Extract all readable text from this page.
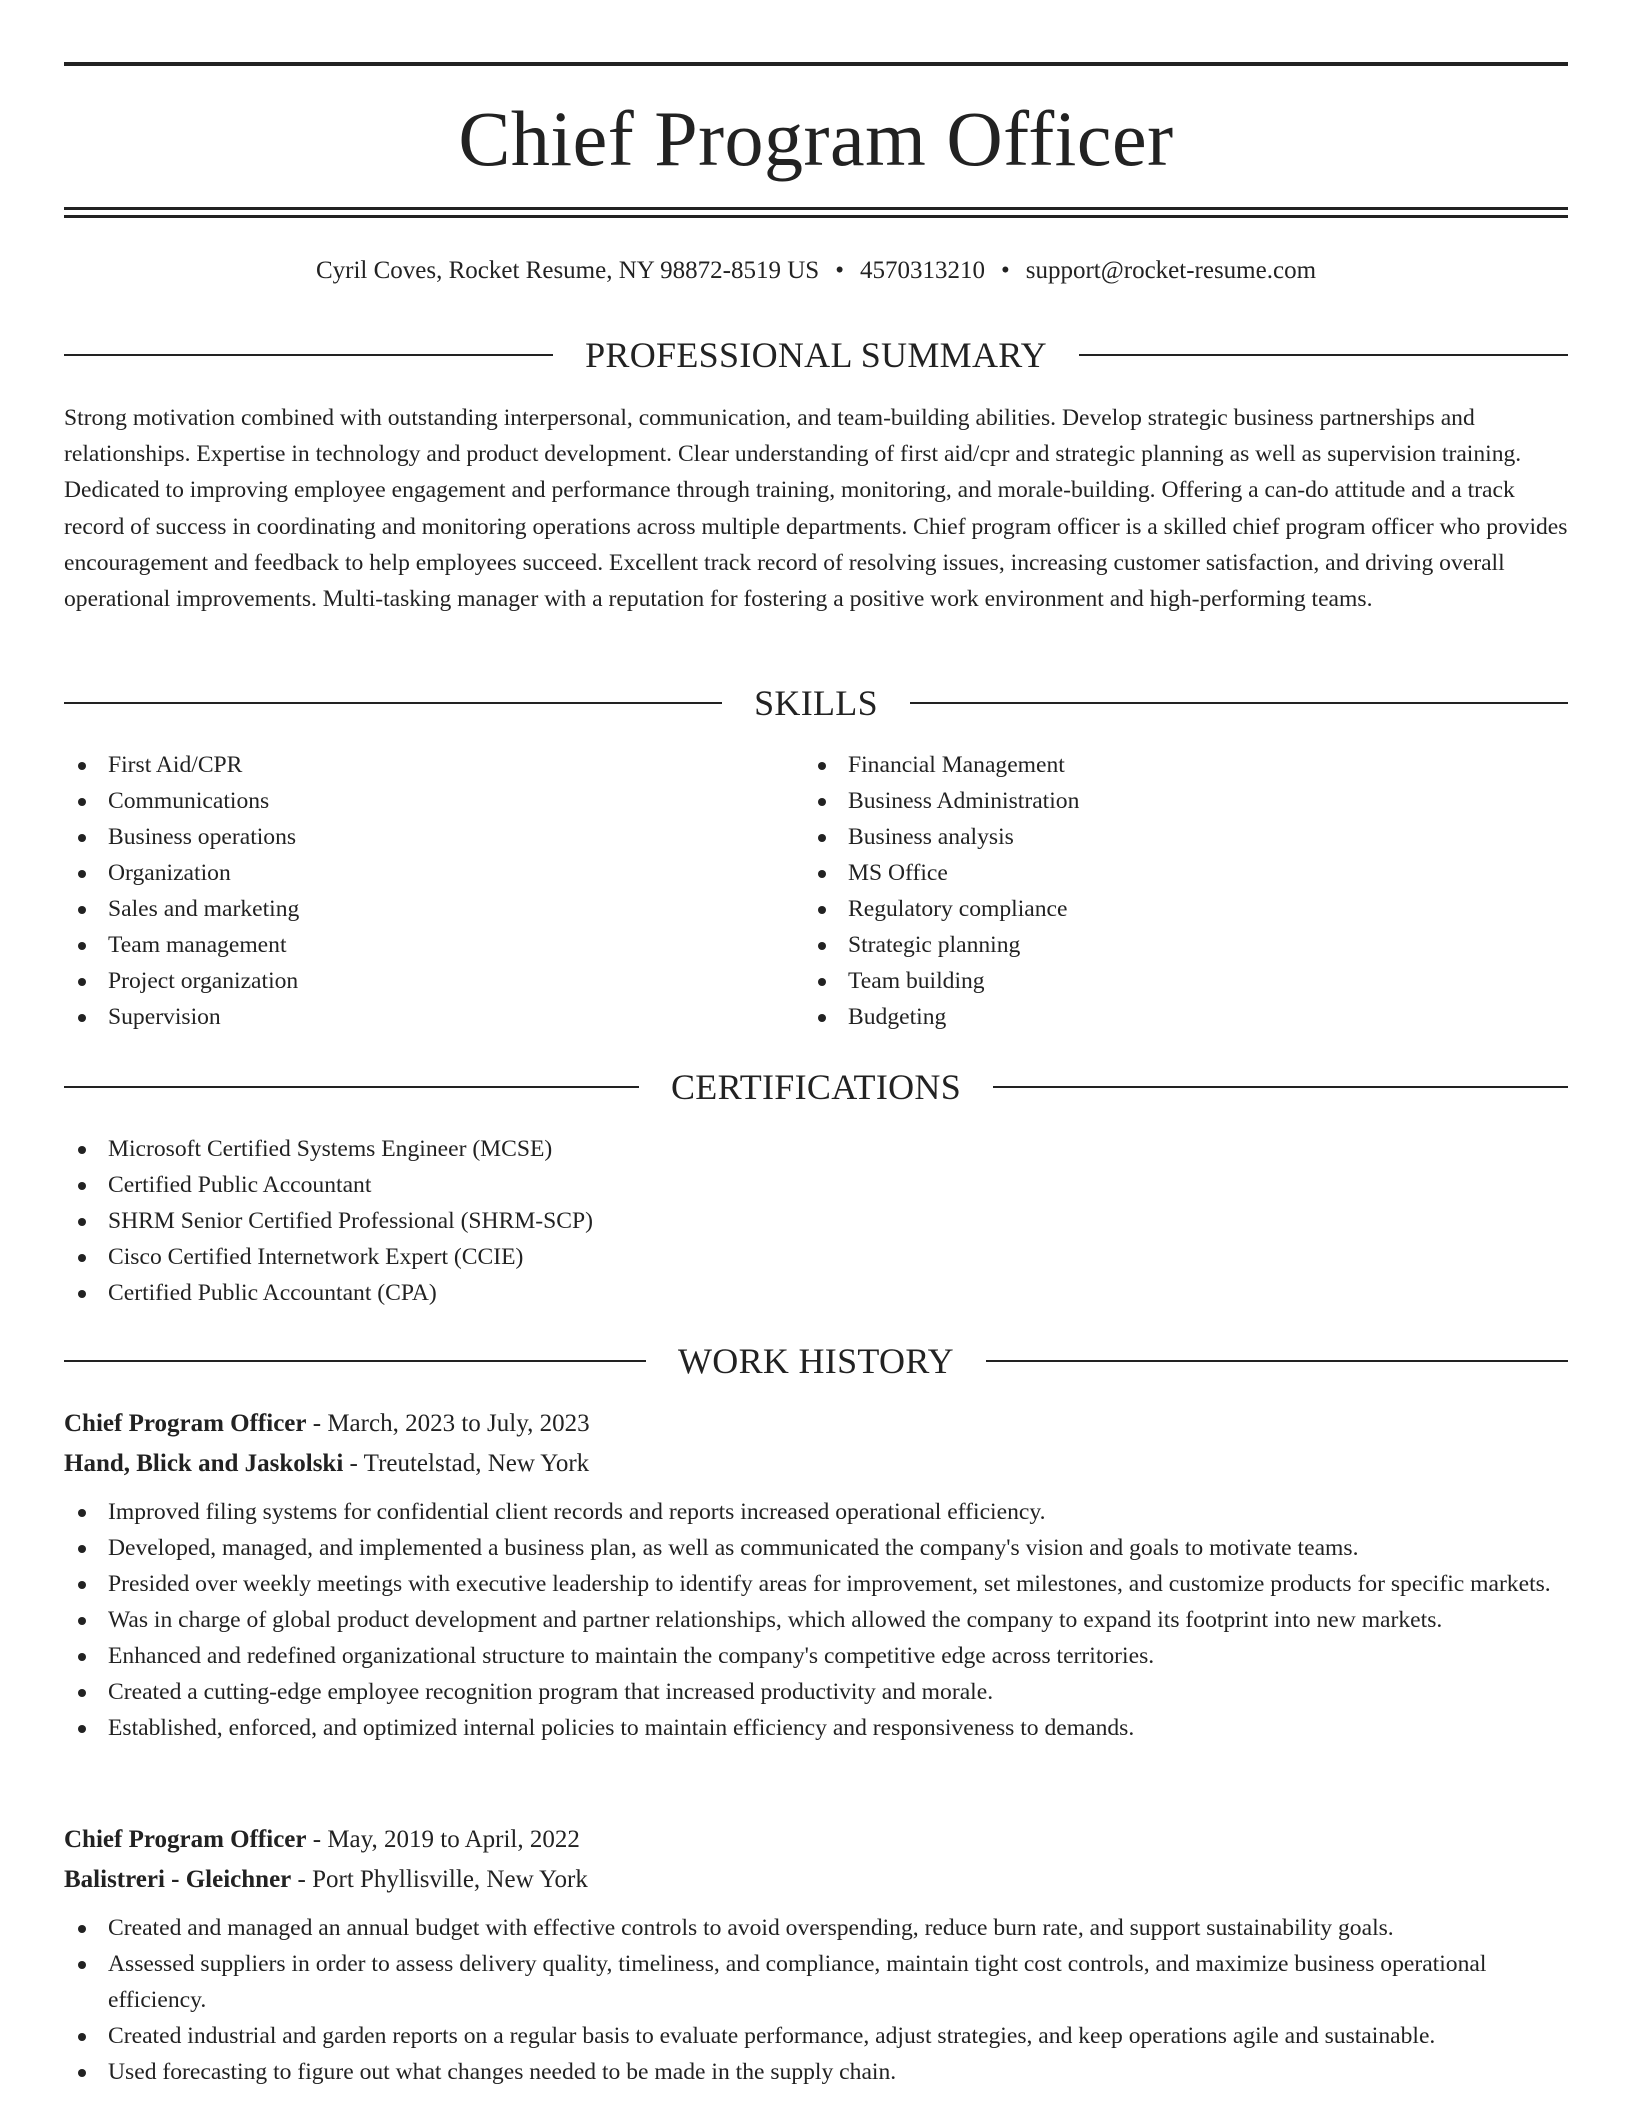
Chief Program Officer
Cyril Coves, Rocket Resume, NY 98872-8519 US • 4570313210 • support@rocket-resume.com
PROFESSIONAL SUMMARY

Strong motivation combined with outstanding interpersonal, communication, and team-building abilities. Develop strategic business partnerships and relationships. Expertise in technology and product development. Clear understanding of first aid/cpr and strategic planning as well as supervision training. Dedicated to improving employee engagement and performance through training, monitoring, and morale-building. Offering a can-do attitude and a track record of success in coordinating and monitoring operations across multiple departments. Chief program officer is a skilled chief program officer who provides encouragement and feedback to help employees succeed. Excellent track record of resolving issues, increasing customer satisfaction, and driving overall operational improvements. Multi-tasking manager with a reputation for fostering a positive work environment and high-performing teams.

SKILLS
First Aid/CPR
Communications
Business operations
Organization
Sales and marketing
Team management
Project organization
Supervision
Financial Management
Business Administration
Business analysis
MS Office
Regulatory compliance
Strategic planning
Team building
Budgeting
CERTIFICATIONS
Microsoft Certified Systems Engineer (MCSE)
Certified Public Accountant
SHRM Senior Certified Professional (SHRM-SCP)
Cisco Certified Internetwork Expert (CCIE)
Certified Public Accountant (CPA)
WORK HISTORY
Chief Program Officer - March, 2023 to July, 2023
Hand, Blick and Jaskolski - Treutelstad, New York
Improved filing systems for confidential client records and reports increased operational efficiency.
Developed, managed, and implemented a business plan, as well as communicated the company's vision and goals to motivate teams.
Presided over weekly meetings with executive leadership to identify areas for improvement, set milestones, and customize products for specific markets.
Was in charge of global product development and partner relationships, which allowed the company to expand its footprint into new markets.
Enhanced and redefined organizational structure to maintain the company's competitive edge across territories.
Created a cutting-edge employee recognition program that increased productivity and morale.
Established, enforced, and optimized internal policies to maintain efficiency and responsiveness to demands.
Chief Program Officer - May, 2019 to April, 2022
Balistreri - Gleichner - Port Phyllisville, New York
Created and managed an annual budget with effective controls to avoid overspending, reduce burn rate, and support sustainability goals.
Assessed suppliers in order to assess delivery quality, timeliness, and compliance, maintain tight cost controls, and maximize business operational efficiency.
Created industrial and garden reports on a regular basis to evaluate performance, adjust strategies, and keep operations agile and sustainable.
Used forecasting to figure out what changes needed to be made in the supply chain.
